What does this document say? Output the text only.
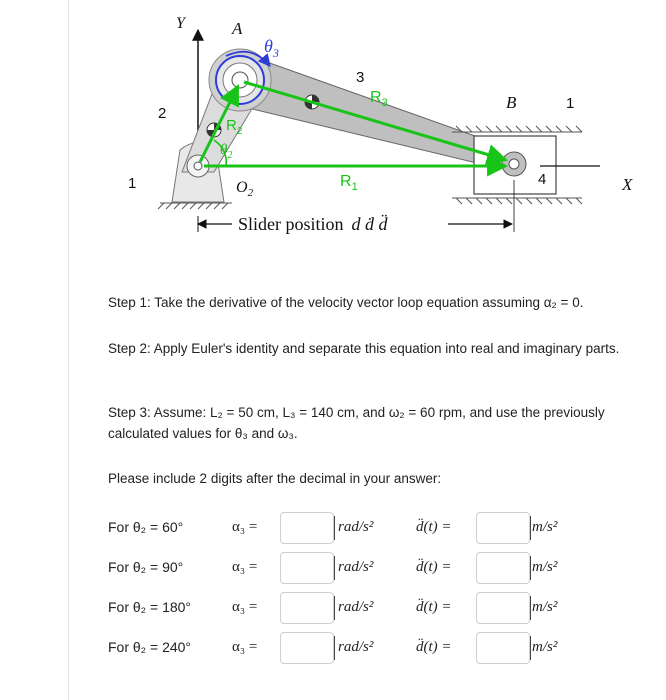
Y	A
$\theta_3$
3
$R_3$	B	1
2
$R_2$
$\theta_2$
1	$O_2$
$R_1$	4	X
Slider position d ḋ d̈
Step 1: Take the derivative of the velocity vector loop equation assuming α₂ = 0.
Step 2: Apply Euler's identity and separate this equation into real and imaginary parts.
Step 3: Assume: L₂ = 50 cm, L₃ = 140 cm, and ω₂ = 60 rpm, and use the previously calculated values for θ₃ and ω₃.
Please include 2 digits after the decimal in your answer:
For θ₂ = 60°	α₃ =	rad/s²	d̈(t) =	m/s²
For θ₂ = 90°	α₃ =	rad/s²	d̈(t) =	m/s²
For θ₂ = 180°	α₃ =	rad/s²	d̈(t) =	m/s²
For θ₂ = 240°	α₃ =	rad/s²	d̈(t) =	m/s²
